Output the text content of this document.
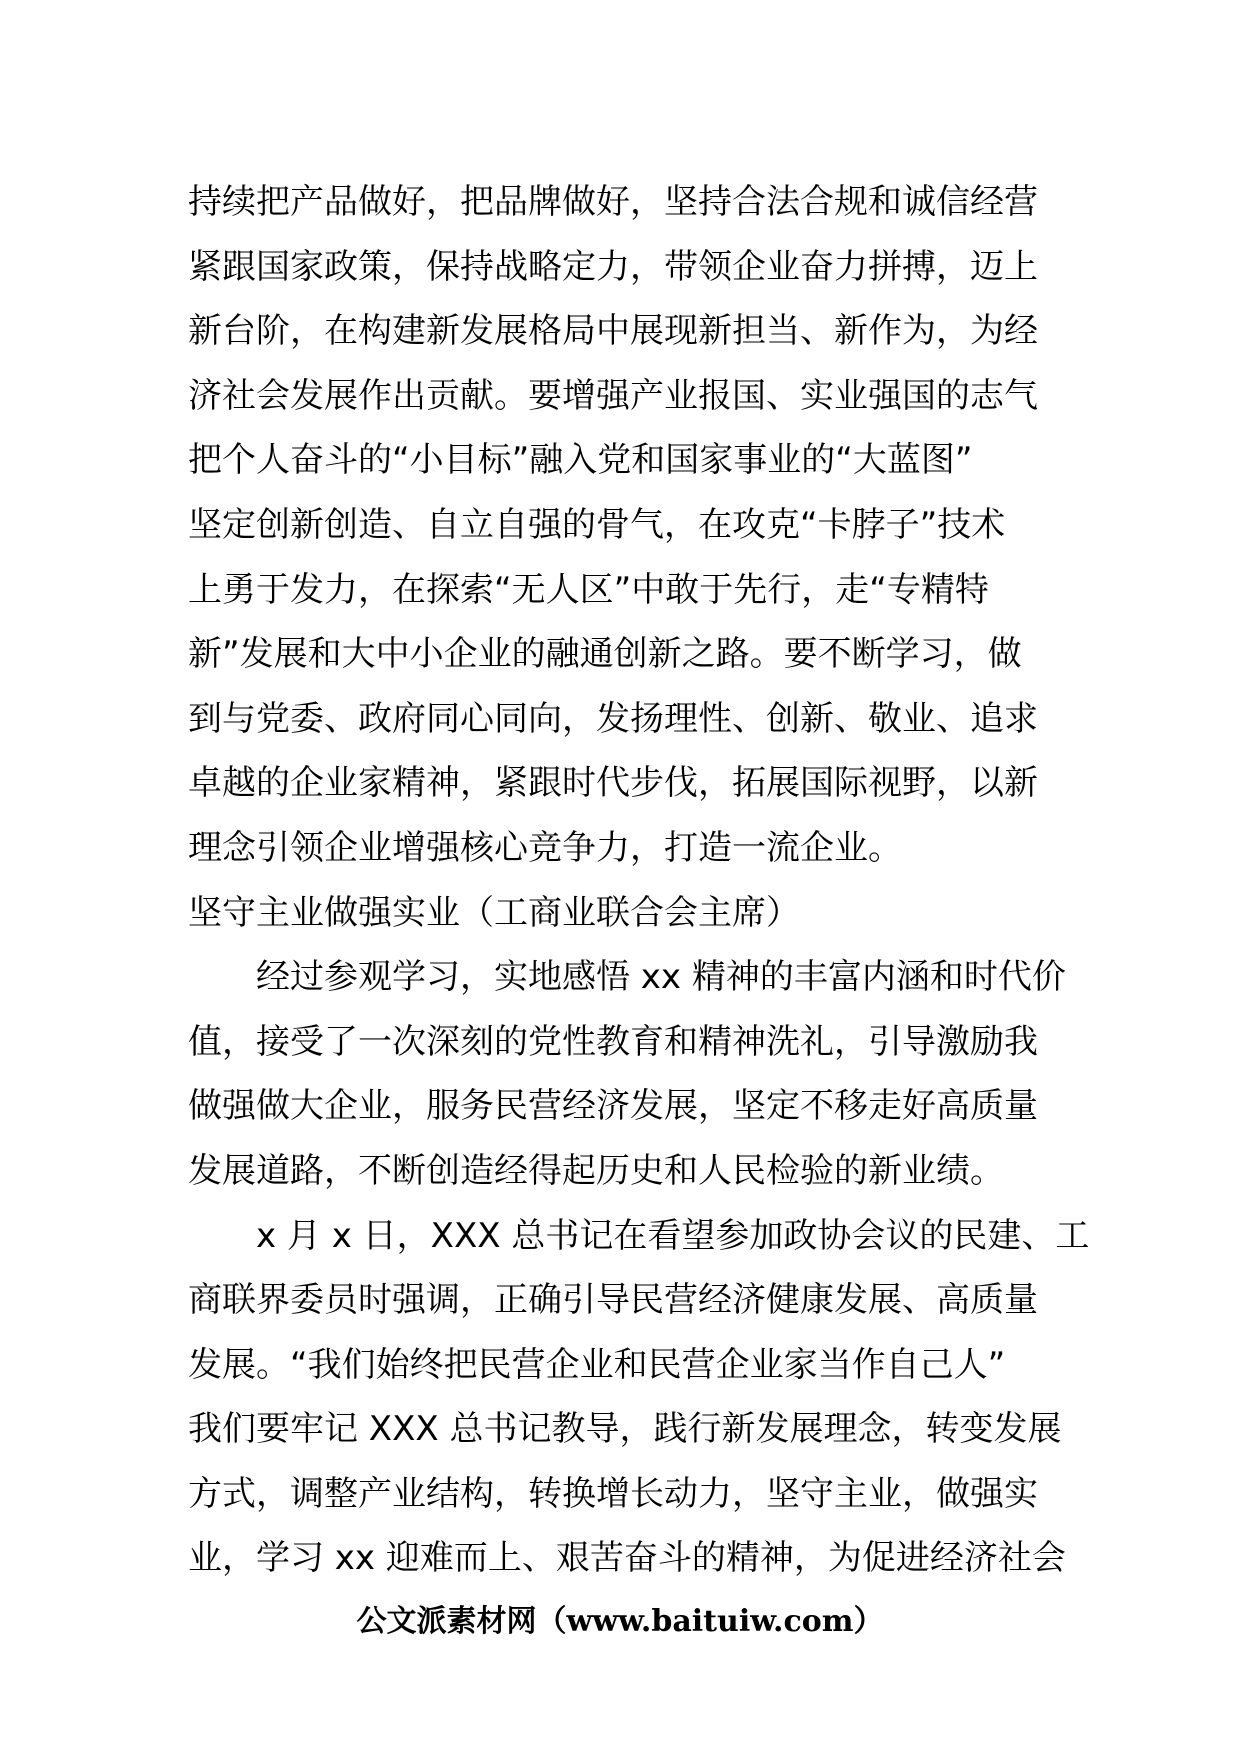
持续把产品做好，把品牌做好，坚持合法合规和诚信经营
紧跟国家政策，保持战略定力，带领企业奋力拼搏，迈上
新台阶，在构建新发展格局中展现新担当、新作为，为经
济社会发展作出贡献。要增强产业报国、实业强国的志气
把个人奋斗的“小目标”融入党和国家事业的“大蓝图”
坚定创新创造、自立自强的骨气，在攻克“卡脖子”技术
上勇于发力，在探索“无人区”中敢于先行，走“专精特
新”发展和大中小企业的融通创新之路。要不断学习，做
到与党委、政府同心同向，发扬理性、创新、敬业、追求
卓越的企业家精神，紧跟时代步伐，拓展国际视野，以新
理念引领企业增强核心竞争力，打造一流企业。
坚守主业做强实业（工商业联合会主席）
经过参观学习，实地感悟 xx 精神的丰富内涵和时代价
值，接受了一次深刻的党性教育和精神洗礼，引导激励我
做强做大企业，服务民营经济发展，坚定不移走好高质量
发展道路，不断创造经得起历史和人民检验的新业绩。
x 月 x 日，XXX 总书记在看望参加政协会议的民建、工
商联界委员时强调，正确引导民营经济健康发展、高质量
发展。“我们始终把民营企业和民营企业家当作自己人”
我们要牢记 XXX 总书记教导，践行新发展理念，转变发展
方式，调整产业结构，转换增长动力，坚守主业，做强实
业，学习 xx 迎难而上、艰苦奋斗的精神，为促进经济社会
公文派素材网（www.baituiw.com）
